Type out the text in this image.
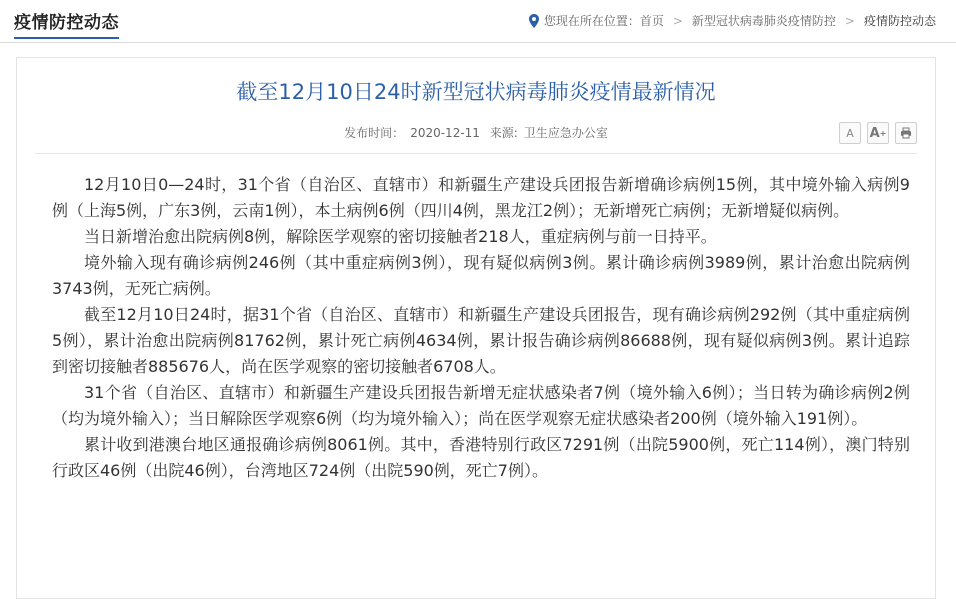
疫情防控动态	您现在所在位置： 首页 > 新型冠状病毒肺炎疫情防控 > 疫情防控动态
截至12月10日24时新型冠状病毒肺炎疫情最新情况
发布时间： 2020-12-11 来源: 卫生应急办公室	A A +

12月10日0—24时，31个省（自治区、直辖市）和新疆生产建设兵团报告新增确诊病例15例，其中境外输入病例9例（上海5例，广东3例，云南1例），本土病例6例（四川4例，黑龙江2例）；无新增死亡病例；无新增疑似病例。

当日新增治愈出院病例8例，解除医学观察的密切接触者218人，重症病例与前一日持平。

境外输入现有确诊病例246例（其中重症病例3例），现有疑似病例3例。累计确诊病例3989例，累计治愈出院病例3743例，无死亡病例。

截至12月10日24时，据31个省（自治区、直辖市）和新疆生产建设兵团报告，现有确诊病例292例（其中重症病例5例），累计治愈出院病例81762例，累计死亡病例4634例，累计报告确诊病例86688例，现有疑似病例3例。累计追踪到密切接触者885676人，尚在医学观察的密切接触者6708人。

31个省（自治区、直辖市）和新疆生产建设兵团报告新增无症状感染者7例（境外输入6例）；当日转为确诊病例2例（均为境外输入）；当日解除医学观察6例（均为境外输入）；尚在医学观察无症状感染者200例（境外输入191例）。

累计收到港澳台地区通报确诊病例8061例。其中，香港特别行政区7291例（出院5900例，死亡114例），澳门特别行政区46例（出院46例），台湾地区724例（出院590例，死亡7例）。
